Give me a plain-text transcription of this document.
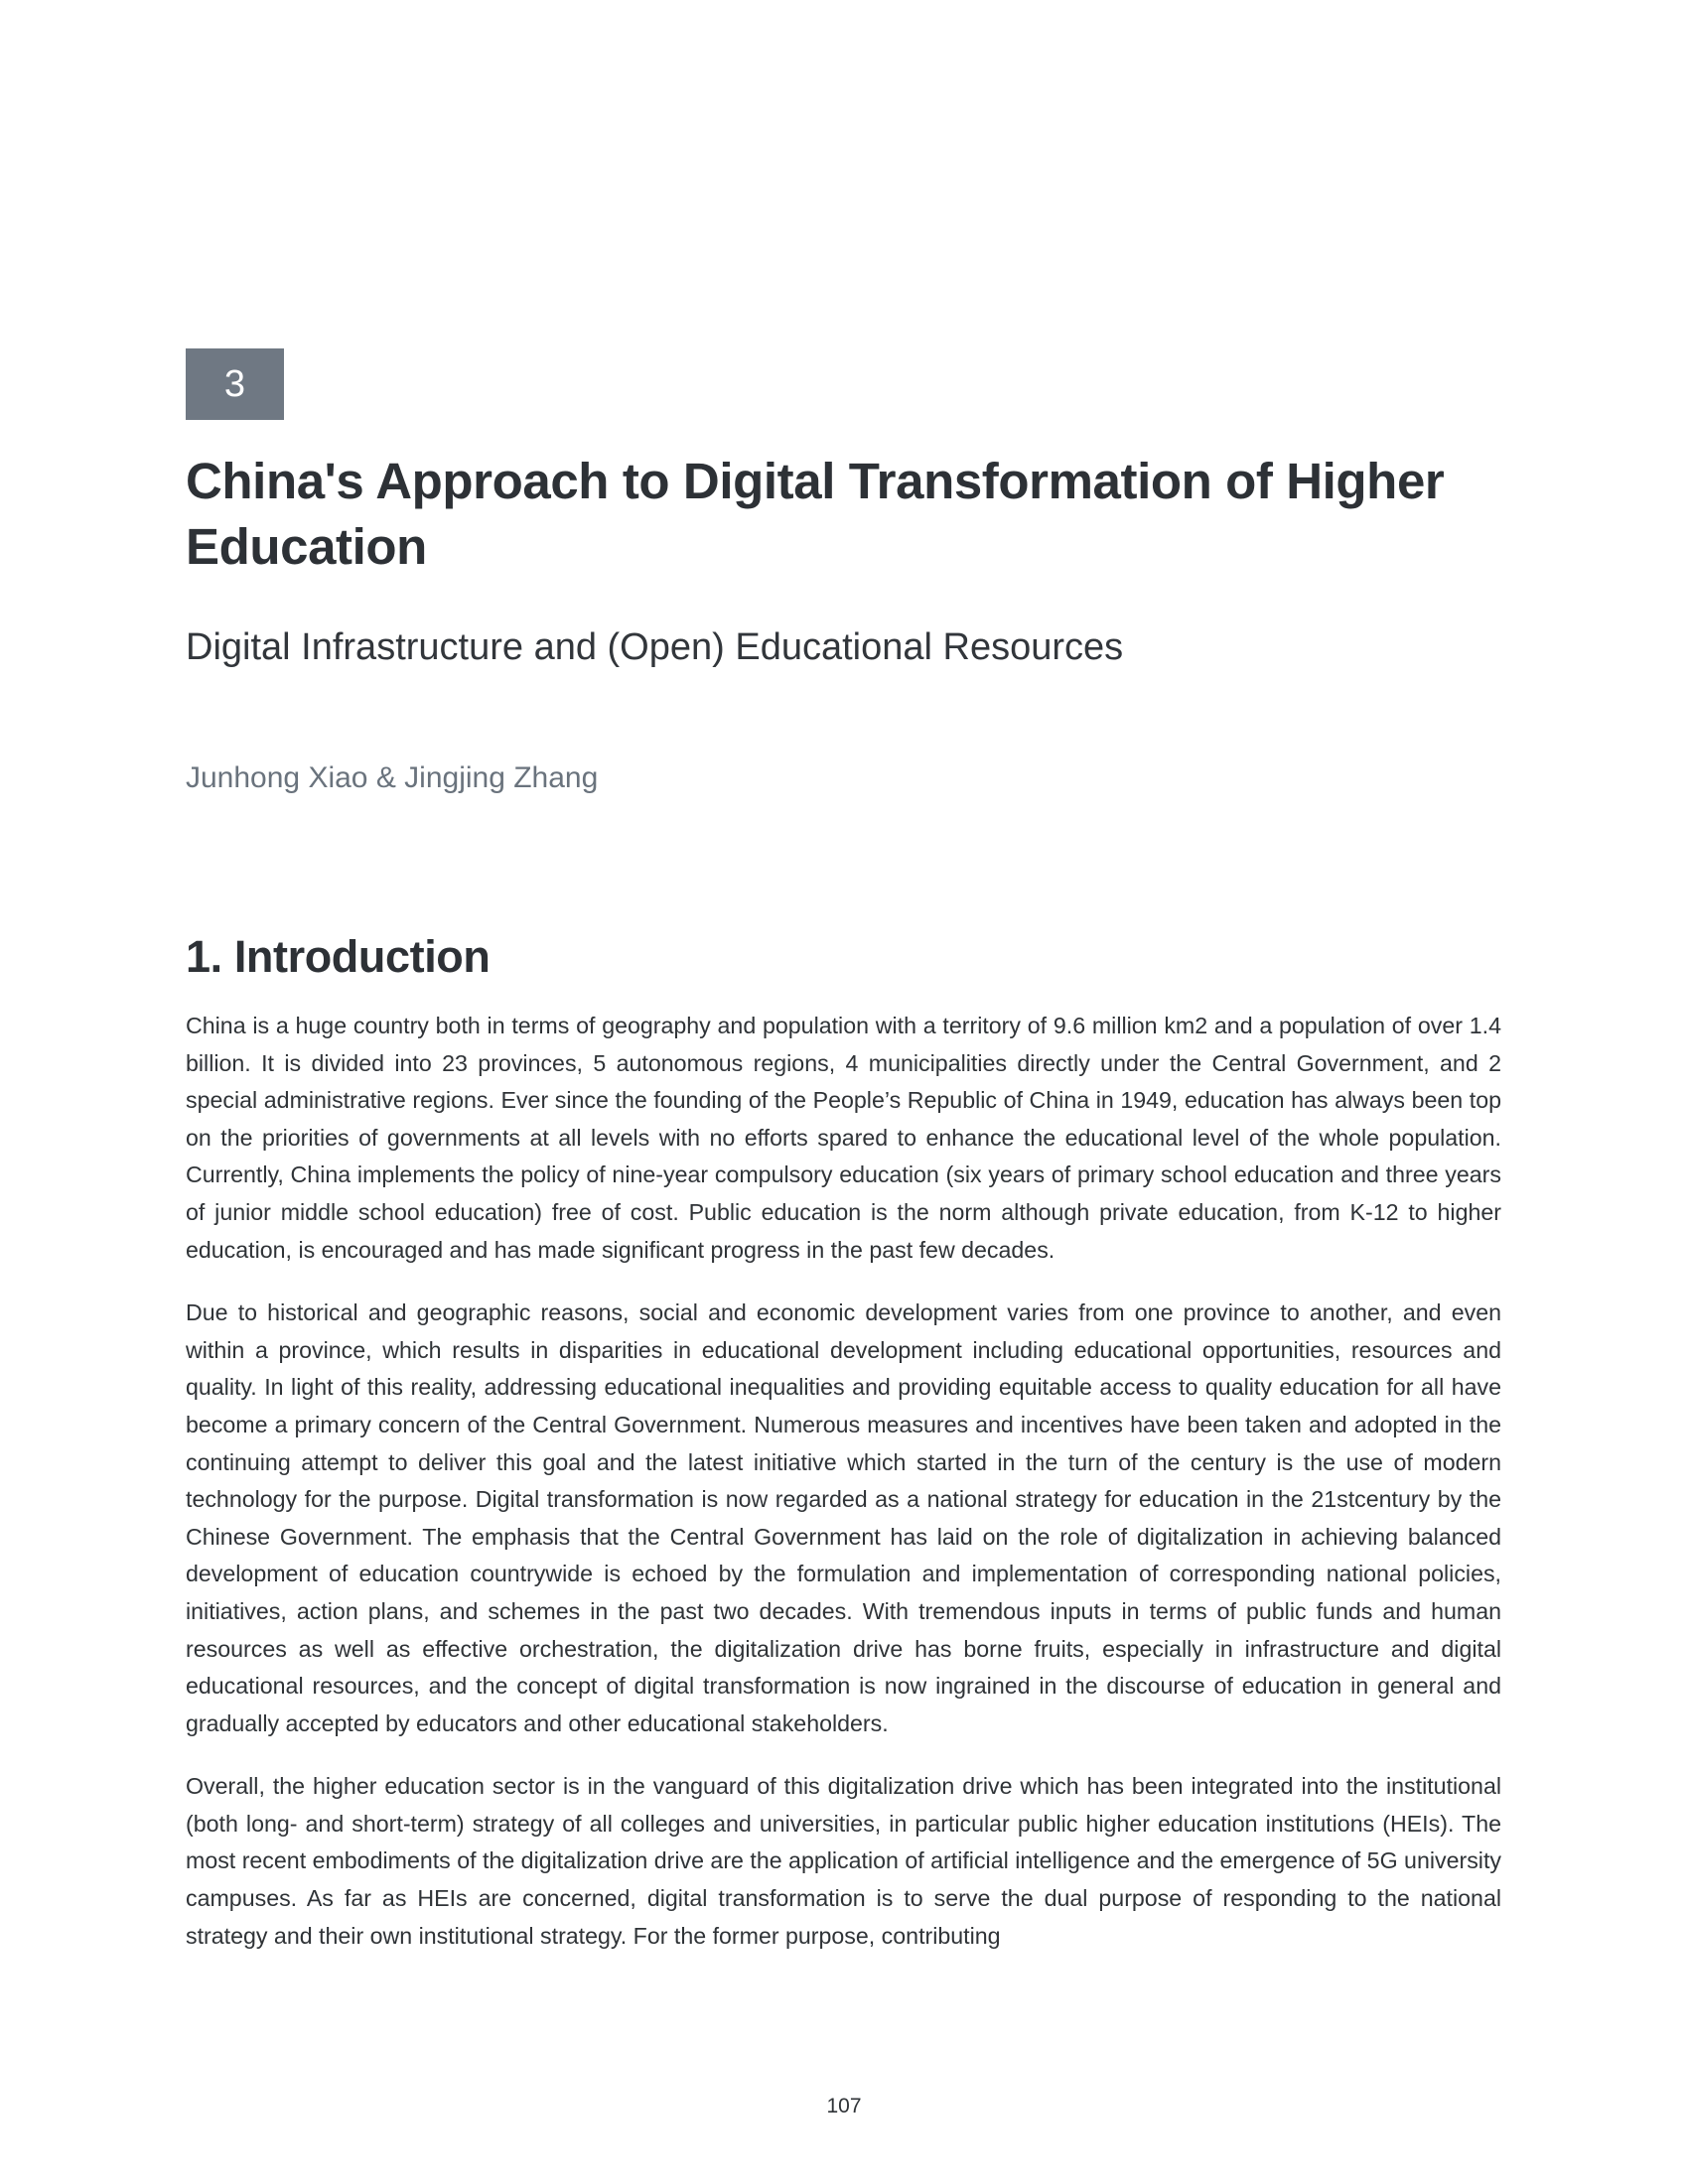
3
China's Approach to Digital Transformation of Higher Education
Digital Infrastructure and (Open) Educational Resources
Junhong Xiao & Jingjing Zhang
1. Introduction

China is a huge country both in terms of geography and population with a territory of 9.6 million km2 and a population of over 1.4 billion. It is divided into 23 provinces, 5 autonomous regions, 4 municipalities directly under the Central Government, and 2 special administrative regions. Ever since the founding of the People’s Republic of China in 1949, education has always been top on the priorities of governments at all levels with no efforts spared to enhance the educational level of the whole population. Currently, China implements the policy of nine-year compulsory education (six years of primary school education and three years of junior middle school education) free of cost. Public education is the norm although private education, from K-12 to higher education, is encouraged and has made significant progress in the past few decades.

Due to historical and geographic reasons, social and economic development varies from one province to another, and even within a province, which results in disparities in educational development including educational opportunities, resources and quality. In light of this reality, addressing educational inequalities and providing equitable access to quality education for all have become a primary concern of the Central Government. Numerous measures and incentives have been taken and adopted in the continuing attempt to deliver this goal and the latest initiative which started in the turn of the century is the use of modern technology for the purpose. Digital transformation is now regarded as a national strategy for education in the 21stcentury by the Chinese Government. The emphasis that the Central Government has laid on the role of digitalization in achieving balanced development of education countrywide is echoed by the formulation and implementation of corresponding national policies, initiatives, action plans, and schemes in the past two decades. With tremendous inputs in terms of public funds and human resources as well as effective orchestration, the digitalization drive has borne fruits, especially in infrastructure and digital educational resources, and the concept of digital transformation is now ingrained in the discourse of education in general and gradually accepted by educators and other educational stakeholders.

Overall, the higher education sector is in the vanguard of this digitalization drive which has been integrated into the institutional (both long- and short-term) strategy of all colleges and universities, in particular public higher education institutions (HEIs). The most recent embodiments of the digitalization drive are the application of artificial intelligence and the emergence of 5G university campuses. As far as HEIs are concerned, digital transformation is to serve the dual purpose of responding to the national strategy and their own institutional strategy. For the former purpose, contributing

107
